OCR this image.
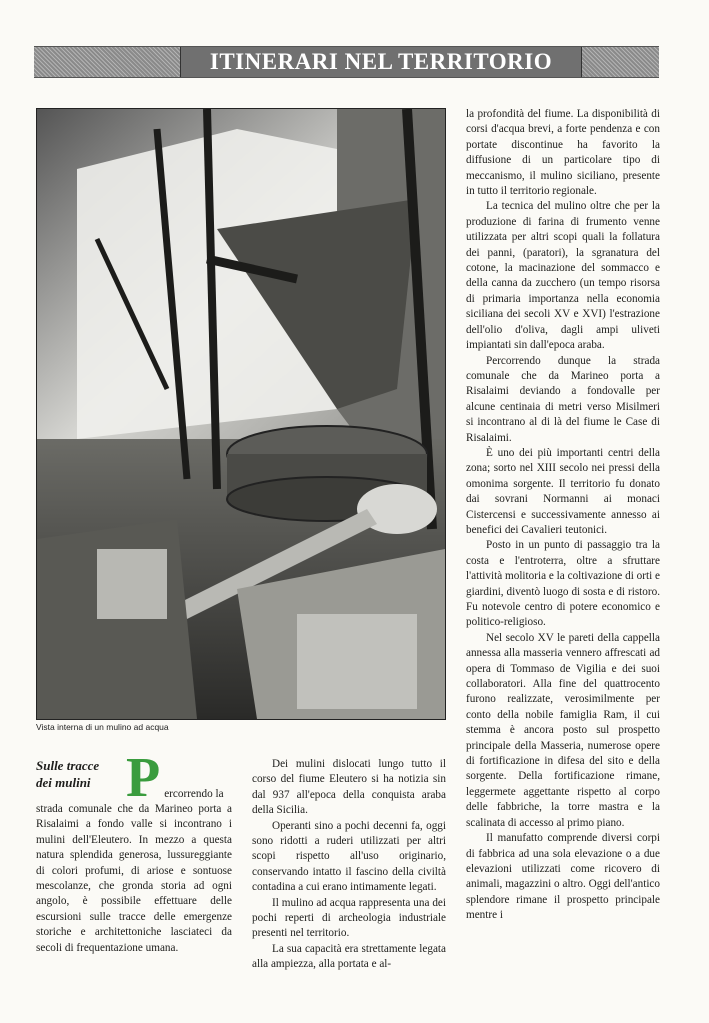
ITINERARI NEL TERRITORIO
Vista interna di un mulino ad acqua
Sulle tracce
dei mulini P ercorrendo la

strada comunale che da Marineo porta a Risalaimi a fondo valle si incontrano i mulini dell'Eleutero. In mezzo a questa natura splendida generosa, lussureggiante di colori profumi, di ariose e sontuose mescolanze, che gronda storia ad ogni angolo, è possibile effettuare delle escursioni sulle tracce delle emergenze storiche e architettoniche lasciateci da secoli di frequentazione umana.

Dei mulini dislocati lungo tutto il corso del fiume Eleutero si ha notizia sin dal 937 all'epoca della conquista araba della Sicilia.

Operanti sino a pochi decenni fa, oggi sono ridotti a ruderi utilizzati per altri scopi rispetto all'uso originario, conservando intatto il fascino della civiltà contadina a cui erano intimamente legati.

Il mulino ad acqua rappresenta una dei pochi reperti di archeologia industriale presenti nel territorio.

La sua capacità era strettamente legata alla ampiezza, alla portata e al-

la profondità del fiume. La disponibilità di corsi d'acqua brevi, a forte pendenza e con portate discontinue ha favorito la diffusione di un particolare tipo di meccanismo, il mulino siciliano, presente in tutto il territorio regionale.

La tecnica del mulino oltre che per la produzione di farina di frumento venne utilizzata per altri scopi quali la follatura dei panni, (paratori), la sgranatura del cotone, la macinazione del sommacco e della canna da zucchero (un tempo risorsa di primaria importanza nella economia siciliana dei secoli XV e XVI) l'estrazione dell'olio d'oliva, dagli ampi uliveti impiantati sin dall'epoca araba.

Percorrendo dunque la strada comunale che da Marineo porta a Risalaimi deviando a fondovalle per alcune centinaia di metri verso Misilmeri si incontrano al di là del fiume le Case di Risalaimi.

È uno dei più importanti centri della zona; sorto nel XIII secolo nei pressi della omonima sorgente. Il territorio fu donato dai sovrani Normanni ai monaci Cistercensi e successivamente annesso ai benefici dei Cavalieri teutonici.

Posto in un punto di passaggio tra la costa e l'entroterra, oltre a sfruttare l'attività molitoria e la coltivazione di orti e giardini, diventò luogo di sosta e di ristoro. Fu notevole centro di potere economico e politico-religioso.

Nel secolo XV le pareti della cappella annessa alla masseria vennero affrescati ad opera di Tommaso de Vigilia e dei suoi collaboratori. Alla fine del quattrocento furono realizzate, verosimilmente per conto della nobile famiglia Ram, il cui stemma è ancora posto sul prospetto principale della Masseria, numerose opere di fortificazione in difesa del sito e della sorgente. Della fortificazione rimane, leggermete aggettante rispetto al corpo delle fabbriche, la torre mastra e la scalinata di accesso al primo piano.

Il manufatto comprende diversi corpi di fabbrica ad una sola elevazione o a due elevazioni utilizzati come ricovero di animali, magazzini o altro. Oggi dell'antico splendore rimane il prospetto principale mentre i
